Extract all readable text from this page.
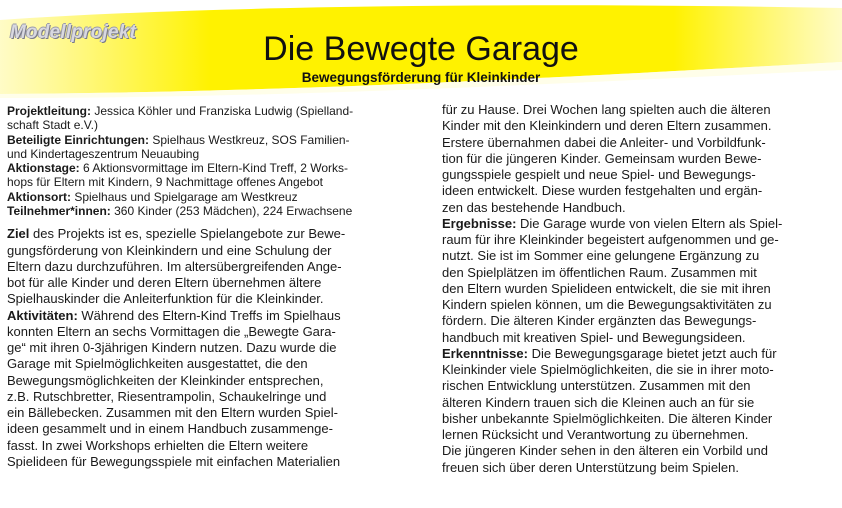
Modellprojekt	Die Bewegte Garage
Bewegungsförderung für Kleinkinder
Projektleitung: Jessica Köhler und Franziska Ludwig (Spielland-
schaft Stadt e.V.)
Beteiligte Einrichtungen: Spielhaus Westkreuz, SOS Familien-
und Kindertageszentrum Neuaubing
Aktionstage: 6 Aktionsvormittage im Eltern-Kind Treff, 2 Works-
hops für Eltern mit Kindern, 9 Nachmittage offenes Angebot
Aktionsort: Spielhaus und Spielgarage am Westkreuz
Teilnehmer*innen: 360 Kinder (253 Mädchen), 224 Erwachsene
Ziel des Projekts ist es, spezielle Spielangebote zur Bewe-
gungsförderung von Kleinkindern und eine Schulung der
Eltern dazu durchzuführen. Im altersübergreifenden Ange-
bot für alle Kinder und deren Eltern übernehmen ältere
Spielhauskinder die Anleiterfunktion für die Kleinkinder.
Aktivitäten: Während des Eltern-Kind Treffs im Spielhaus
konnten Eltern an sechs Vormittagen die „Bewegte Gara-
ge“ mit ihren 0-3jährigen Kindern nutzen. Dazu wurde die
Garage mit Spielmöglichkeiten ausgestattet, die den
Bewegungsmöglichkeiten der Kleinkinder entsprechen,
z.B. Rutschbretter, Riesentrampolin, Schaukelringe und
ein Bällebecken. Zusammen mit den Eltern wurden Spiel-
ideen gesammelt und in einem Handbuch zusammenge-
fasst. In zwei Workshops erhielten die Eltern weitere
Spielideen für Bewegungsspiele mit einfachen Materialien
für zu Hause. Drei Wochen lang spielten auch die älteren
Kinder mit den Kleinkindern und deren Eltern zusammen.
Erstere übernahmen dabei die Anleiter- und Vorbildfunk-
tion für die jüngeren Kinder. Gemeinsam wurden Bewe-
gungsspiele gespielt und neue Spiel- und Bewegungs-
ideen entwickelt. Diese wurden festgehalten und ergän-
zen das bestehende Handbuch.
Ergebnisse: Die Garage wurde von vielen Eltern als Spiel-
raum für ihre Kleinkinder begeistert aufgenommen und ge-
nutzt. Sie ist im Sommer eine gelungene Ergänzung zu
den Spielplätzen im öffentlichen Raum. Zusammen mit
den Eltern wurden Spielideen entwickelt, die sie mit ihren
Kindern spielen können, um die Bewegungsaktivitäten zu
fördern. Die älteren Kinder ergänzten das Bewegungs-
handbuch mit kreativen Spiel- und Bewegungsideen.
Erkenntnisse: Die Bewegungsgarage bietet jetzt auch für
Kleinkinder viele Spielmöglichkeiten, die sie in ihrer moto-
rischen Entwicklung unterstützen. Zusammen mit den
älteren Kindern trauen sich die Kleinen auch an für sie
bisher unbekannte Spielmöglichkeiten. Die älteren Kinder
lernen Rücksicht und Verantwortung zu übernehmen.
Die jüngeren Kinder sehen in den älteren ein Vorbild und
freuen sich über deren Unterstützung beim Spielen.
